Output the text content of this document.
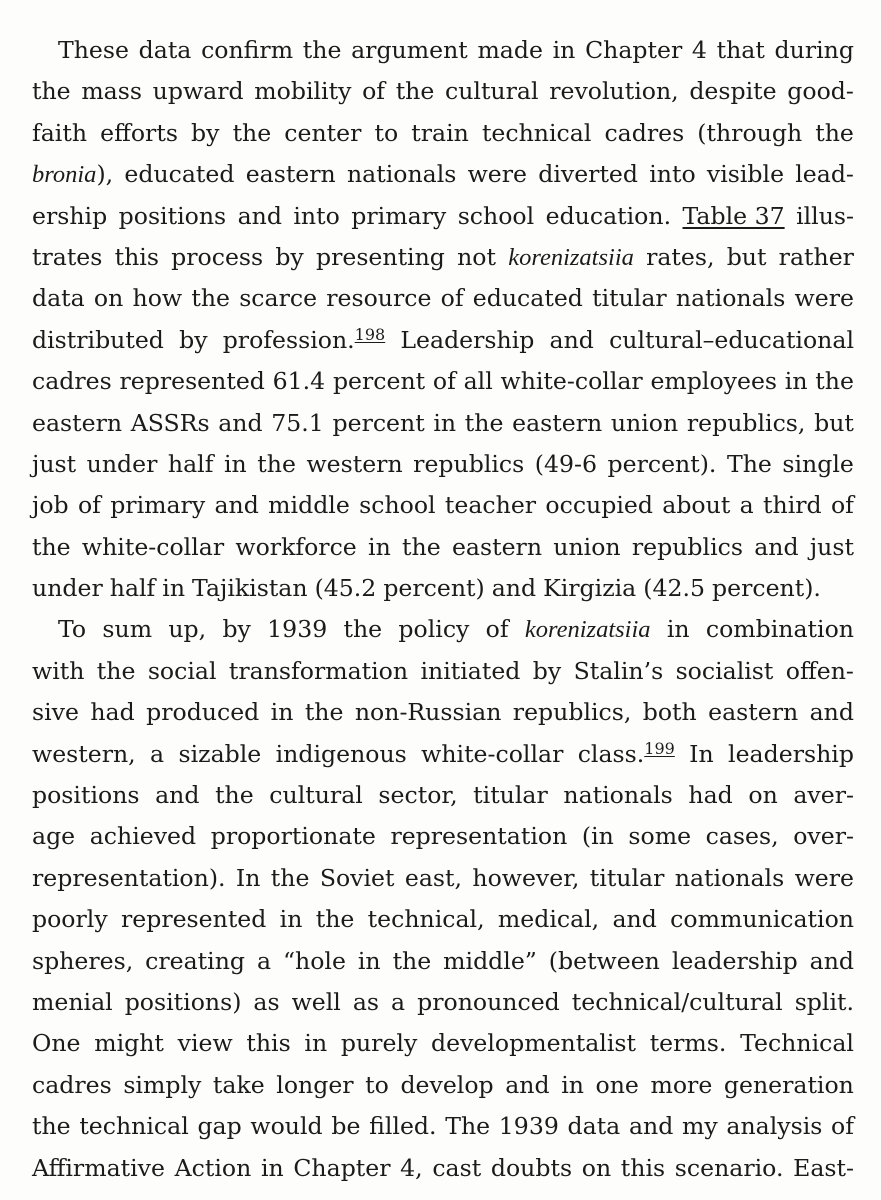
These data confirm the argument made in Chapter 4 that during
the mass upward mobility of the cultural revolution, despite good-
faith efforts by the center to train technical cadres (through the
bronia), educated eastern nationals were diverted into visible lead-
ership positions and into primary school education. Table 37 illus-
trates this process by presenting not korenizatsiia rates, but rather
data on how the scarce resource of educated titular nationals were
distributed by profession.$^{198}$ Leadership and cultural–educational
cadres represented 61.4 percent of all white-collar employees in the
eastern ASSRs and 75.1 percent in the eastern union republics, but
just under half in the western republics (49-6 percent). The single
job of primary and middle school teacher occupied about a third of
the white-collar workforce in the eastern union republics and just
under half in Tajikistan (45.2 percent) and Kirgizia (42.5 percent).
To sum up, by 1939 the policy of korenizatsiia in combination
with the social transformation initiated by Stalin’s socialist offen-
sive had produced in the non-Russian republics, both eastern and
western, a sizable indigenous white-collar class.$^{199}$ In leadership
positions and the cultural sector, titular nationals had on aver-
age achieved proportionate representation (in some cases, over-
representation). In the Soviet east, however, titular nationals were
poorly represented in the technical, medical, and communication
spheres, creating a “hole in the middle” (between leadership and
menial positions) as well as a pronounced technical/cultural split.
One might view this in purely developmentalist terms. Technical
cadres simply take longer to develop and in one more generation
the technical gap would be filled. The 1939 data and my analysis of
Affirmative Action in Chapter 4, cast doubts on this scenario. East-
